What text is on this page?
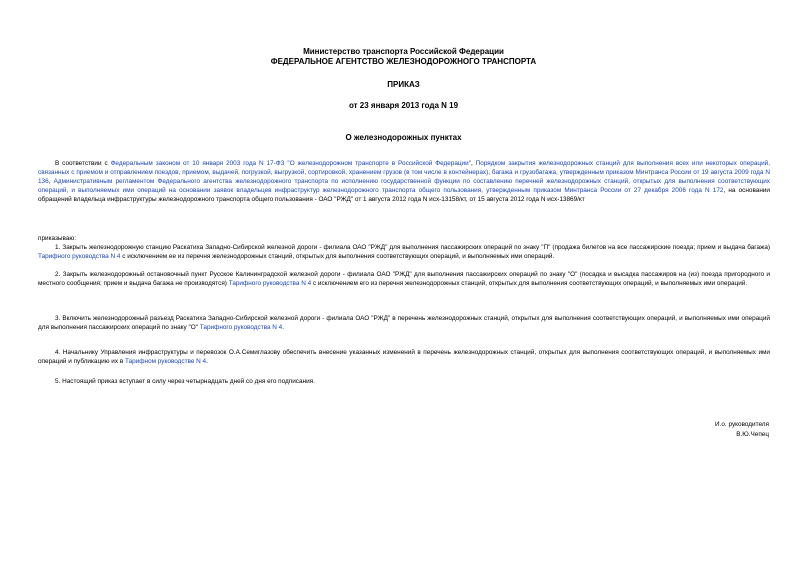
Министерство транспорта Российской Федерации
ФЕДЕРАЛЬНОЕ АГЕНТСТВО ЖЕЛЕЗНОДОРОЖНОГО ТРАНСПОРТА
ПРИКАЗ
от 23 января 2013 года N 19
О железнодорожных пунктах
В соответствии с Федеральным законом от 10 января 2003 года N 17-ФЗ "О железнодорожном транспорте в Российской Федерации", Порядком закрытия железнодорожных станций для выполнения всех или некоторых операций, связанных с приемом и отправлением поездов, приемом, выдачей, погрузкой, выгрузкой, сортировкой, хранением грузов (в том числе в контейнерах), багажа и грузобагажа, утвержденным приказом Минтранса России от 19 августа 2009 года N 136, Административным регламентом Федерального агентства железнодорожного транспорта по исполнению государственной функции по составлению перечней железнодорожных станций, открытых для выполнения соответствующих операций, и выполняемых ими операций на основании заявок владельцев инфраструктур железнодорожного транспорта общего пользования, утвержденным приказом Минтранса России от 27 декабря 2006 года N 172, на основании обращений владельца инфраструктуры железнодорожного транспорта общего пользования - ОАО "РЖД" от 1 августа 2012 года N исх-13158/кт, от 15 августа 2012 года N исх-13869/кт
приказываю:
1. Закрыть железнодорожную станцию Раскатиха Западно-Сибирской железной дороги - филиала ОАО "РЖД" для выполнения пассажирских операций по знаку "П" (продажа билетов на все пассажирские поезда; прием и выдача багажа) Тарифного руководства N 4 с исключением ее из перечня железнодорожных станций, открытых для выполнения соответствующих операций, и выполняемых ими операций.
2. Закрыть железнодорожный остановочный пункт Русское Калининградской железной дороги - филиала ОАО "РЖД" для выполнения пассажирских операций по знаку "О" (посадка и высадка пассажиров на (из) поезда пригородного и местного сообщения; прием и выдача багажа не производятся) Тарифного руководства N 4 с исключением его из перечня железнодорожных станций, открытых для выполнения соответствующих операций, и выполняемых ими операций.
3. Включить железнодорожный разъезд Раскатиха Западно-Сибирской железной дороги - филиала ОАО "РЖД" в перечень железнодорожных станций, открытых для выполнения соответствующих операций, и выполняемых ими операций для выполнения пассажирских операций по знаку "О" Тарифного руководства N 4.
4. Начальнику Управления инфраструктуры и перевозок О.А.Семиглазову обеспечить внесение указанных изменений в перечень железнодорожных станций, открытых для выполнения соответствующих операций, и выполняемых ими операций и публикацию их в Тарифном руководстве N 4.
5. Настоящий приказ вступает в силу через четырнадцать дней со дня его подписания.
И.о. руководителя
В.Ю.Чепец
